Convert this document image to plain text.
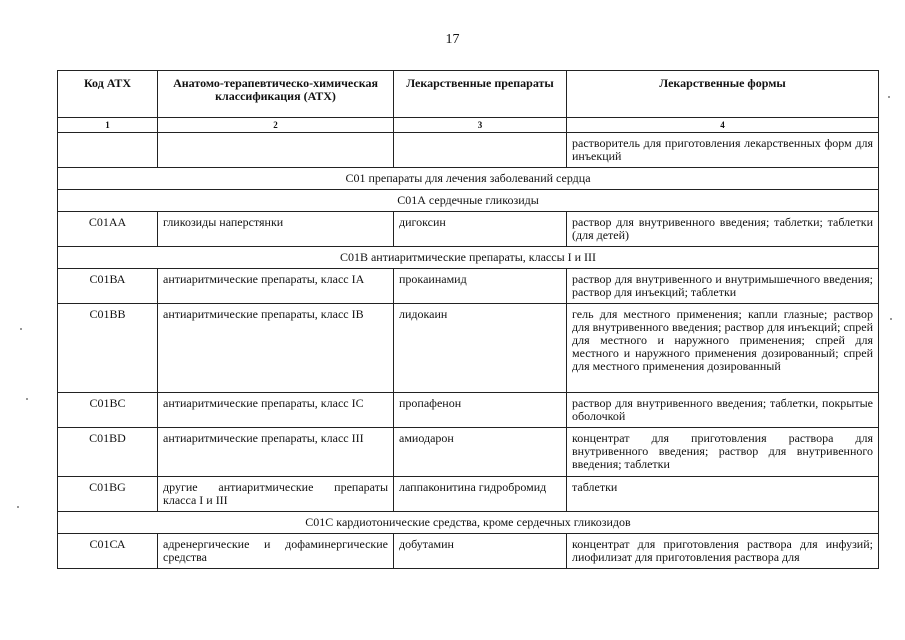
17
Код АТХ	Анатомо-терапевтическо-химическая классификация (АТХ)	Лекарственные препараты	Лекарственные формы
1	2	3	4
			растворитель для приготовления лекарственных форм для инъекций
С01 препараты для лечения заболеваний сердца			
С01А сердечные гликозиды			
С01АА	гликозиды наперстянки	дигоксин	раствор для внутривенного введения; таблетки; таблетки (для детей)
С01В антиаритмические препараты, классы I и III			
С01ВА	антиаритмические препараты, класс IА	прокаинамид	раствор для внутривенного и внутримышечного введения; раствор для инъекций; таблетки
С01ВВ	антиаритмические препараты, класс IВ	лидокаин	гель для местного применения; капли глазные; раствор для внутривенного введения; раствор для инъекций; спрей для местного и наружного применения; спрей для местного и наружного применения дозированный; спрей для местного применения дозированный
С01ВС	антиаритмические препараты, класс IС	пропафенон	раствор для внутривенного введения; таблетки, покрытые оболочкой
С01ВD	антиаритмические препараты, класс III	амиодарон	концентрат для приготовления раствора для внутривенного введения; раствор для внутривенного введения; таблетки
С01ВG	другие антиаритмические препараты класса I и III	лаппаконитина гидробромид	таблетки
С01С кардиотонические средства, кроме сердечных гликозидов			
С01СА	адренергические и дофаминергические средства	добутамин	концентрат для приготовления раствора для инфузий; лиофилизат для приготовления раствора для
